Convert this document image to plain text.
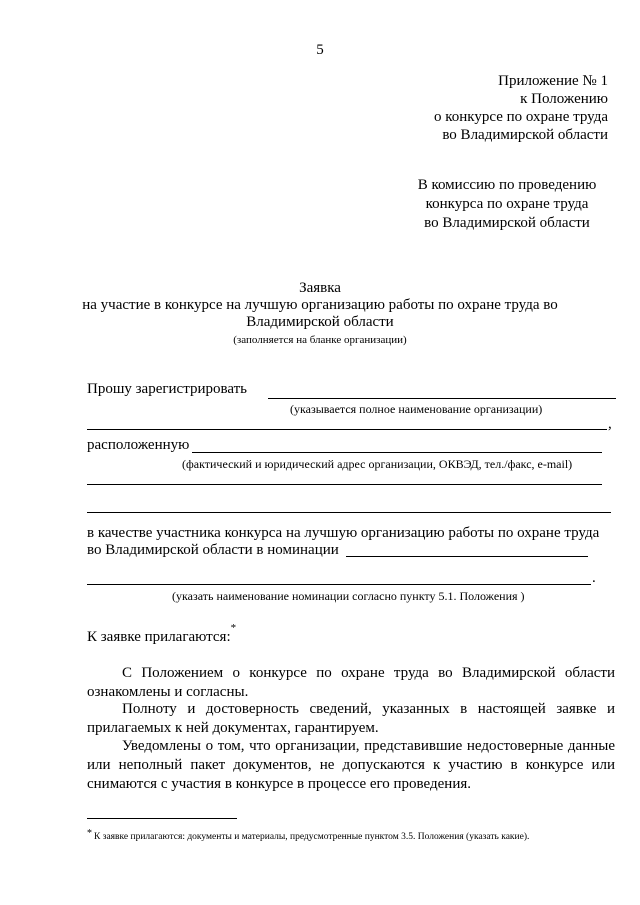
5
Приложение № 1
к Положению
о конкурсе по охране труда
во Владимирской области
В комиссию по проведению
конкурса по охране труда
во Владимирской области
Заявка
на участие в конкурсе на лучшую организацию работы по охране труда во
Владимирской области
(заполняется на бланке организации)
Прошу зарегистрировать
(указывается полное наименование организации)
,
расположенную
(фактический и юридический адрес организации, ОКВЭД, тел./факс, e-mail)
в качестве участника конкурса на лучшую организацию работы по охране труда
во Владимирской области в номинации
.
(указать наименование номинации согласно пункту 5.1. Положения )
К заявке прилагаются:*
С Положением о конкурсе по охране труда во Владимирской области ознакомлены и согласны.
Полноту и достоверность сведений, указанных в настоящей заявке и прилагаемых к ней документах, гарантируем.
Уведомлены о том, что организации, представившие недостоверные данные или неполный пакет документов, не допускаются к участию в конкурсе или снимаются с участия в конкурсе в процессе его проведения.
* К заявке прилагаются: документы и материалы, предусмотренные пунктом 3.5. Положения (указать какие).
